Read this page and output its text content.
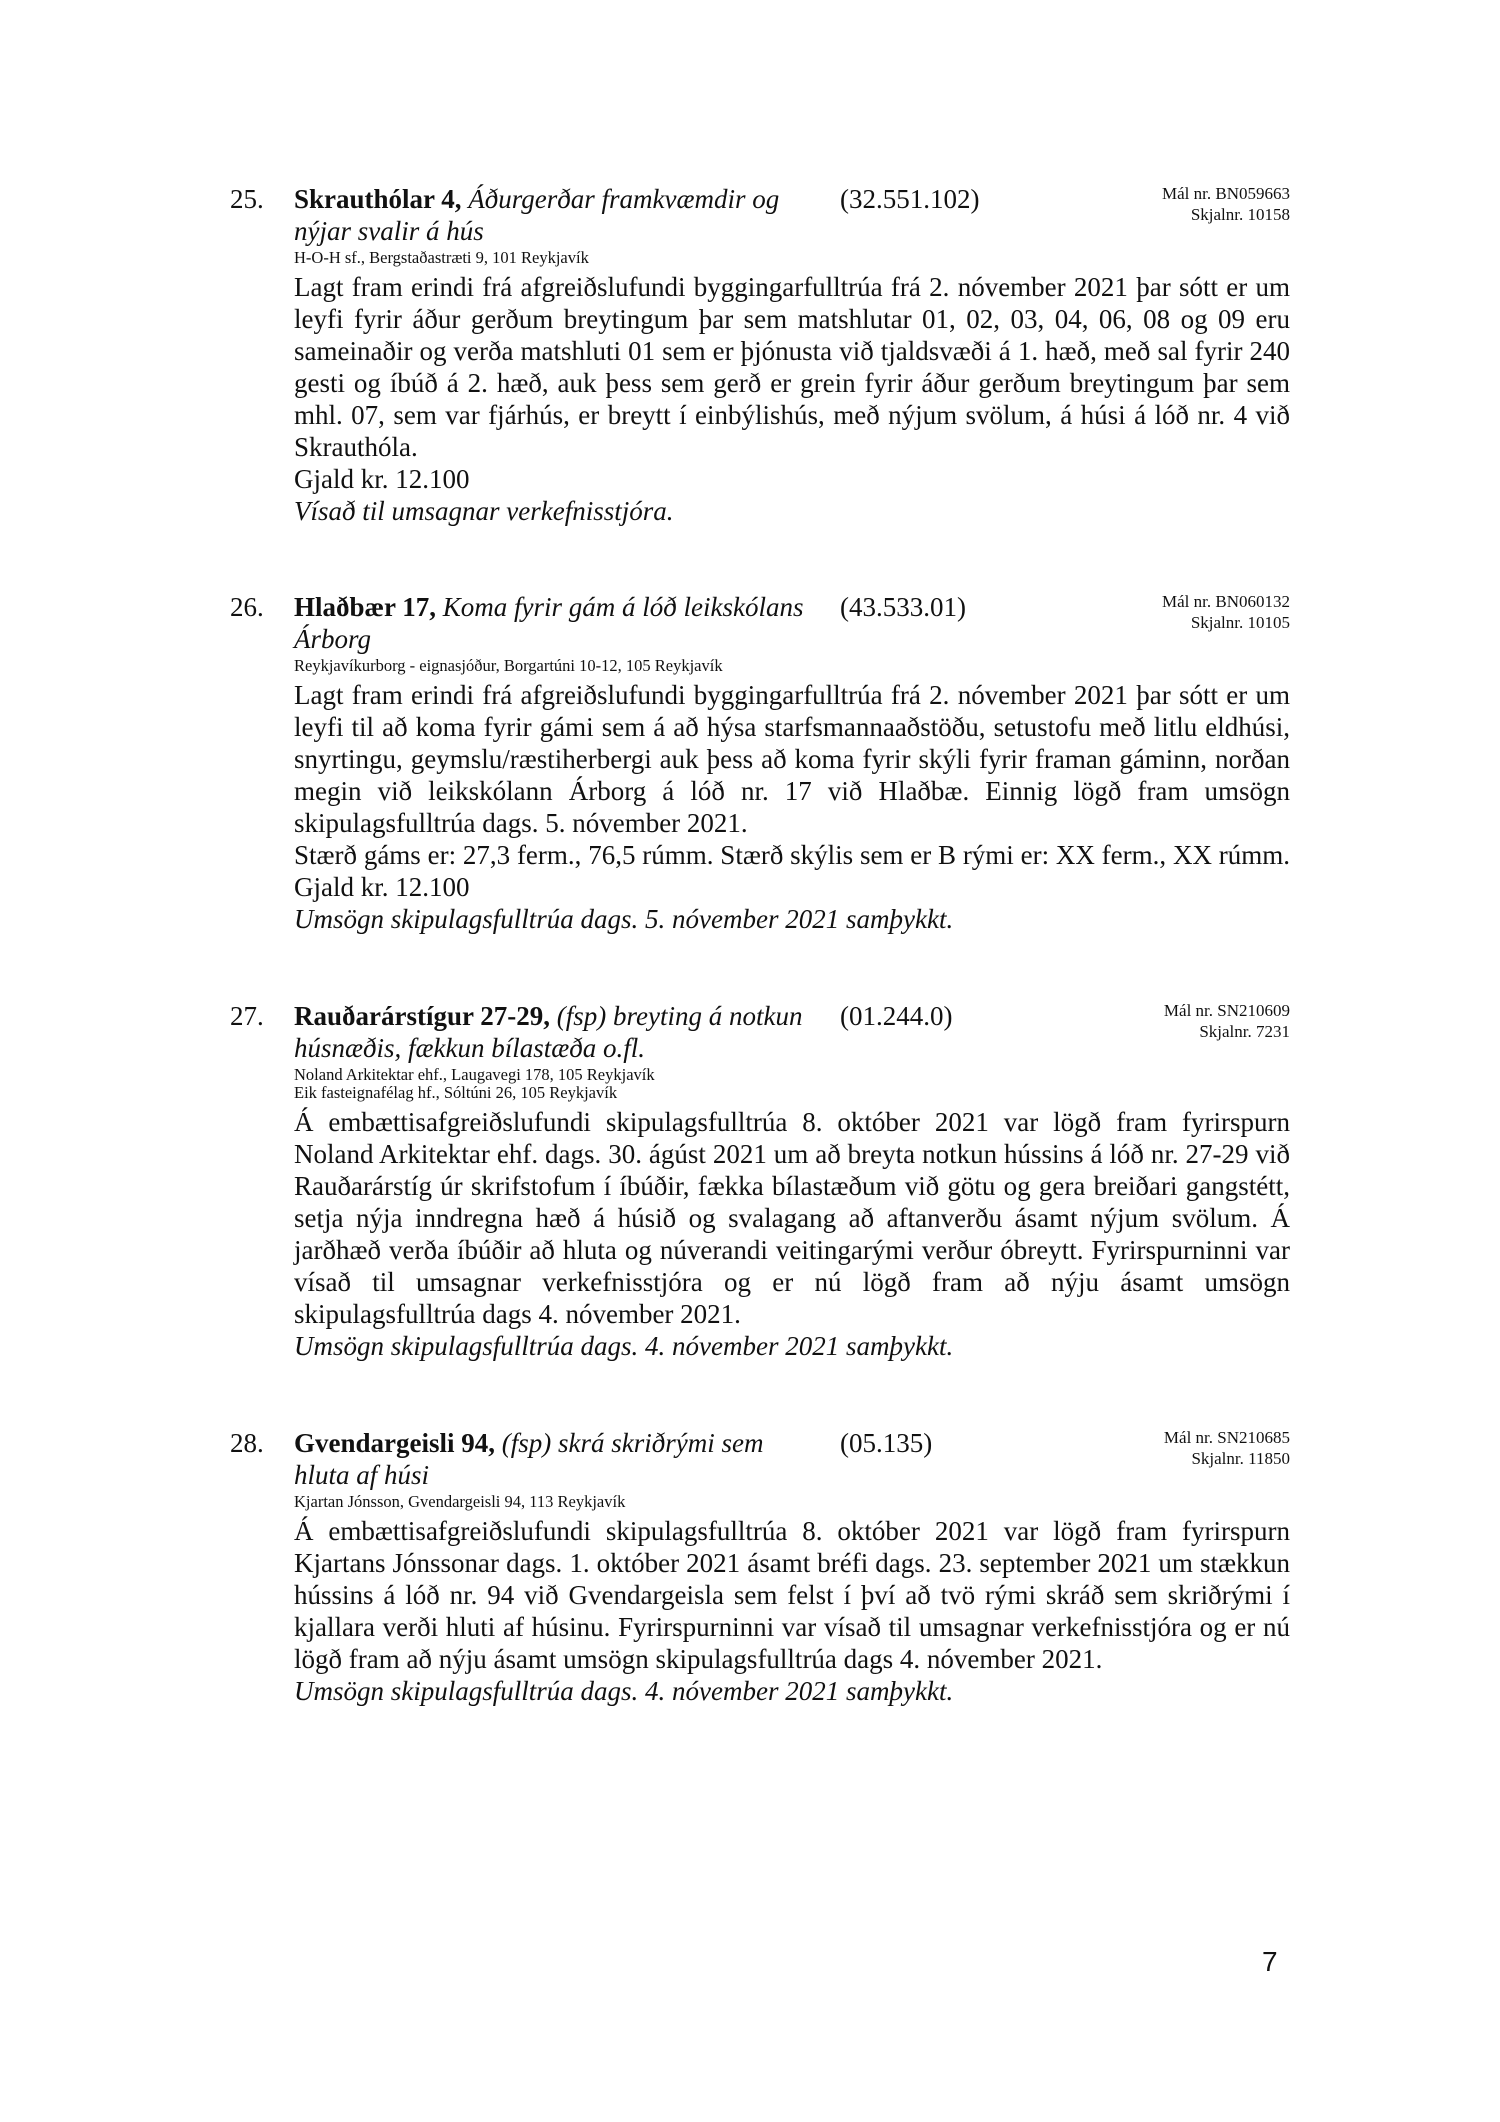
25. Skrauthólar 4, Áðurgerðar framkvæmdir og nýjar svalir á hús
(32.551.102)	Mál nr. BN059663
Skjalnr. 10158
H-O-H sf., Bergstaðastræti 9, 101 Reykjavík

Lagt fram erindi frá afgreiðslufundi byggingarfulltrúa frá 2. nóvember 2021 þar sótt er um leyfi fyrir áður gerðum breytingum þar sem matshlutar 01, 02, 03, 04, 06, 08 og 09 eru sameinaðir og verða matshluti 01 sem er þjónusta við tjaldsvæði á 1. hæð, með sal fyrir 240 gesti og íbúð á 2. hæð, auk þess sem gerð er grein fyrir áður gerðum breytingum þar sem mhl. 07, sem var fjárhús, er breytt í einbýlishús, með nýjum svölum, á húsi á lóð nr. 4 við Skrauthóla.

Gjald kr. 12.100

Vísað til umsagnar verkefnisstjóra.

26. Hlaðbær 17, Koma fyrir gám á lóð leikskólans Árborg
(43.533.01)	Mál nr. BN060132
Skjalnr. 10105
Reykjavíkurborg - eignasjóður, Borgartúni 10-12, 105 Reykjavík

Lagt fram erindi frá afgreiðslufundi byggingarfulltrúa frá 2. nóvember 2021 þar sótt er um leyfi til að koma fyrir gámi sem á að hýsa starfsmannaaðstöðu, setustofu með litlu eldhúsi, snyrtingu, geymslu/ræstiherbergi auk þess að koma fyrir skýli fyrir framan gáminn, norðan megin við leikskólann Árborg á lóð nr. 17 við Hlaðbæ. Einnig lögð fram umsögn skipulagsfulltrúa dags. 5. nóvember 2021.

Stærð gáms er: 27,3 ferm., 76,5 rúmm. Stærð skýlis sem er B rými er: XX ferm., XX rúmm. Gjald kr. 12.100

Umsögn skipulagsfulltrúa dags. 5. nóvember 2021 samþykkt.

27. Rauðarárstígur 27-29, (fsp) breyting á notkun húsnæðis, fækkun bílastæða o.fl.
(01.244.0)	Mál nr. SN210609
Skjalnr. 7231
Noland Arkitektar ehf., Laugavegi 178, 105 Reykjavík
Eik fasteignafélag hf., Sóltúni 26, 105 Reykjavík

Á embættisafgreiðslufundi skipulagsfulltrúa 8. október 2021 var lögð fram fyrirspurn Noland Arkitektar ehf. dags. 30. ágúst 2021 um að breyta notkun hússins á lóð nr. 27-29 við Rauðarárstíg úr skrifstofum í íbúðir, fækka bílastæðum við götu og gera breiðari gangstétt, setja nýja inndregna hæð á húsið og svalagang að aftanverðu ásamt nýjum svölum. Á jarðhæð verða íbúðir að hluta og núverandi veitingarými verður óbreytt. Fyrirspurninni var vísað til umsagnar verkefnisstjóra og er nú lögð fram að nýju ásamt umsögn skipulagsfulltrúa dags 4. nóvember 2021.

Umsögn skipulagsfulltrúa dags. 4. nóvember 2021 samþykkt.

28. Gvendargeisli 94, (fsp) skrá skriðrými sem hluta af húsi
(05.135)	Mál nr. SN210685
Skjalnr. 11850
Kjartan Jónsson, Gvendargeisli 94, 113 Reykjavík

Á embættisafgreiðslufundi skipulagsfulltrúa 8. október 2021 var lögð fram fyrirspurn Kjartans Jónssonar dags. 1. október 2021 ásamt bréfi dags. 23. september 2021 um stækkun hússins á lóð nr. 94 við Gvendargeisla sem felst í því að tvö rými skráð sem skriðrými í kjallara verði hluti af húsinu. Fyrirspurninni var vísað til umsagnar verkefnisstjóra og er nú lögð fram að nýju ásamt umsögn skipulagsfulltrúa dags 4. nóvember 2021.

Umsögn skipulagsfulltrúa dags. 4. nóvember 2021 samþykkt.

7
